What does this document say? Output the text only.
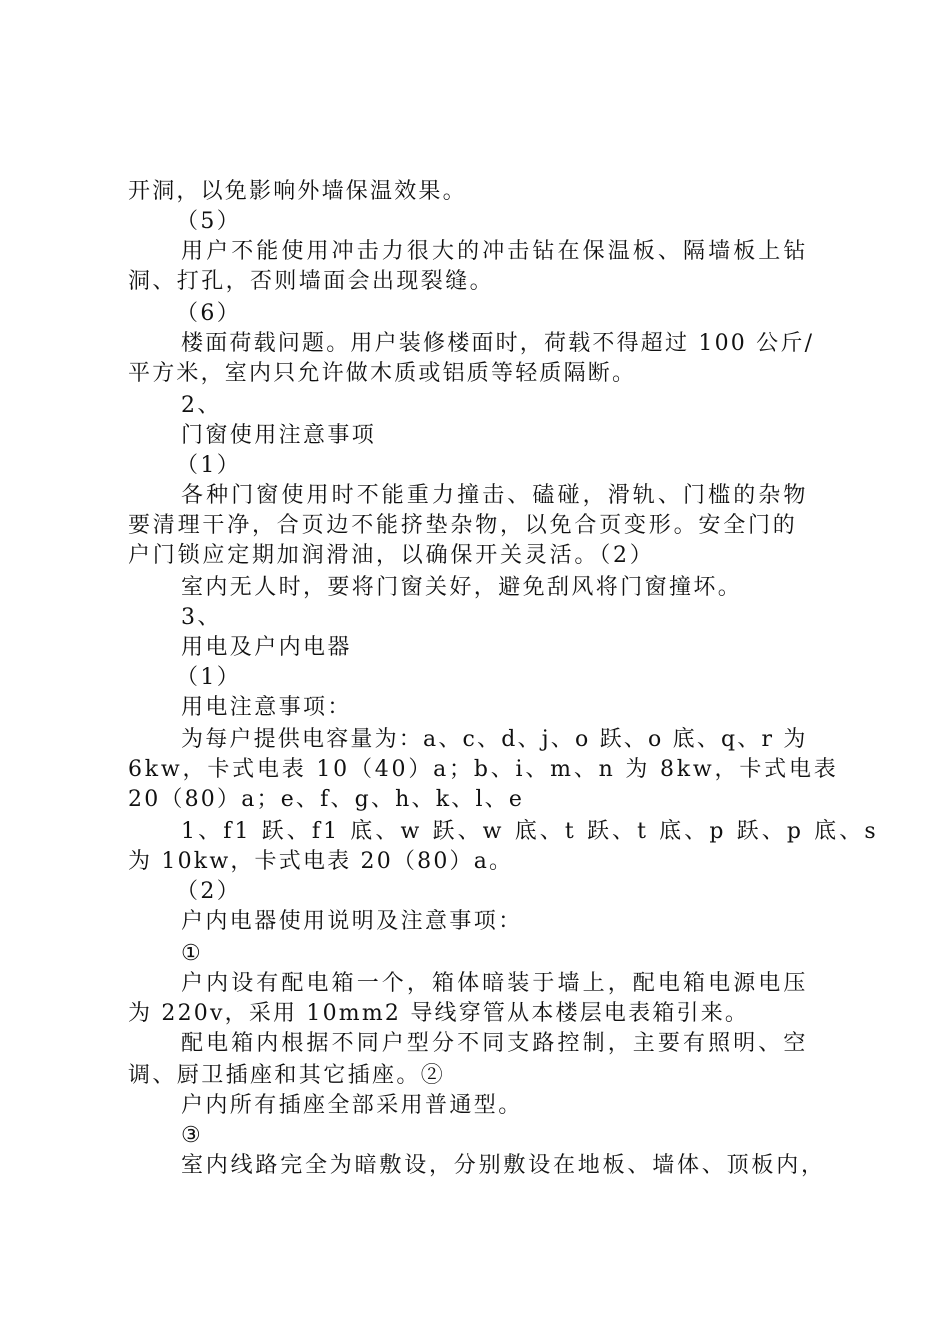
开洞，以免影响外墙保温效果。
（5）
用户不能使用冲击力很大的冲击钻在保温板、隔墙板上钻
洞、打孔，否则墙面会出现裂缝。
（6）
楼面荷载问题。用户装修楼面时，荷载不得超过 100 公斤/
平方米，室内只允许做木质或铝质等轻质隔断。
2、
门窗使用注意事项
（1）
各种门窗使用时不能重力撞击、磕碰，滑轨、门槛的杂物
要清理干净，合页边不能挤垫杂物，以免合页变形。安全门的
户门锁应定期加润滑油，以确保开关灵活。（2）
室内无人时，要将门窗关好，避免刮风将门窗撞坏。
3、
用电及户内电器
（1）
用电注意事项：
为每户提供电容量为：a、c、d、j、o 跃、o 底、q、r 为
6kw，卡式电表 10（40）a；b、i、m、n 为 8kw，卡式电表
20（80）a；e、f、g、h、k、l、e
1、f1 跃、f1 底、w 跃、w 底、t 跃、t 底、p 跃、p 底、s
为 10kw，卡式电表 20（80）a。
（2）
户内电器使用说明及注意事项：
①
户内设有配电箱一个，箱体暗装于墙上，配电箱电源电压
为 220v，采用 10mm2 导线穿管从本楼层电表箱引来。
配电箱内根据不同户型分不同支路控制，主要有照明、空
调、厨卫插座和其它插座。②
户内所有插座全部采用普通型。
③
室内线路完全为暗敷设，分别敷设在地板、墙体、顶板内，
